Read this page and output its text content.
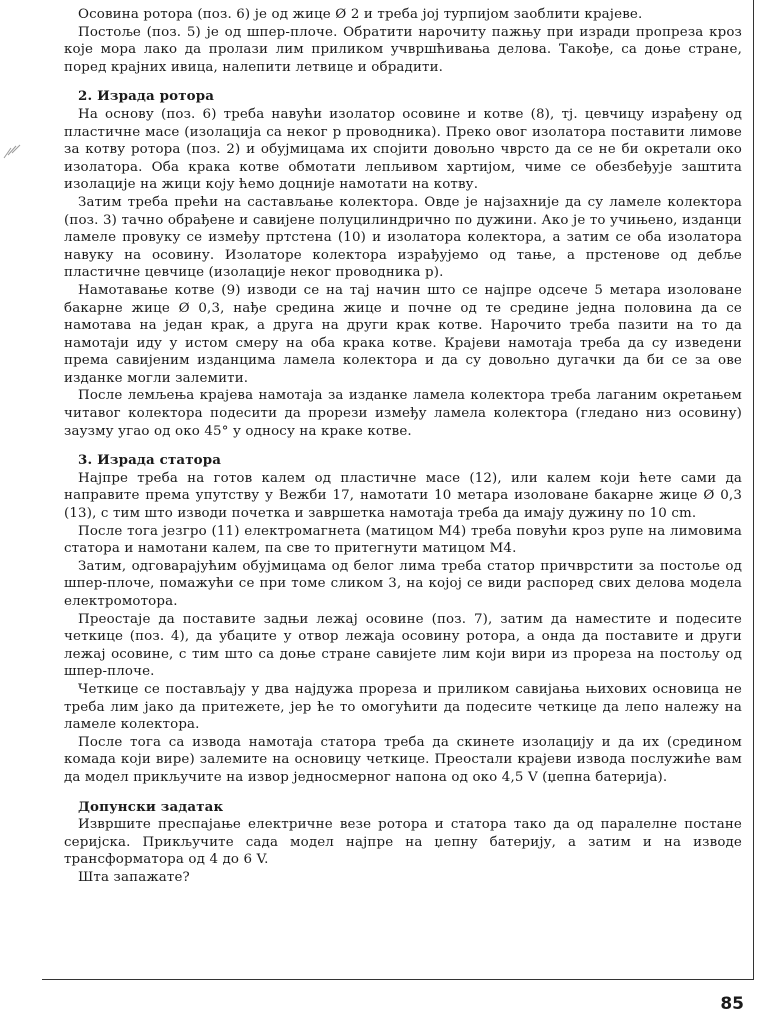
Осовина ротора (поз. 6) је од жице Ø 2 и треба јој турпијом заоблити крајеве.

Постоље (поз. 5) је од шпер-плоче. Обратити нарочиту пажњу при изради пропреза кроз које мора лако да пролази лим приликом учвршћивања делова. Такође, са доње стране, поред крајних ивица, налепити летвице и обрадити.

2. Израда ротора

На основу (поз. 6) треба навући изолатор осовине и котве (8), тј. цевчицу израђену од пластичне масе (изолација са неког р проводника). Преко овог изолатора поставити лимове за котву ротора (поз. 2) и обујмицама их спојити довољно чврсто да се не би окретали око изолатора. Оба крака котве обмотати лепљивом хартијом, чиме се обезбеђује заштита изолације на жици коју ћемо доцније намотати на котву.

Затим треба прећи на састављање колектора. Овде је најзахније да су ламеле колектора (поз. 3) тачно обрађене и савијене полуцилиндрично по дужини. Ако је то учињено, изданци ламеле провуку се између пртстена (10) и изолатора колектора, а затим се оба изолатора навуку на осовину. Изолаторе колектора израђујемо од тање, а прстенове од дебље пластичне цевчице (изолације неког проводника р).

Намотавање котве (9) изводи се на тај начин што се најпре одсече 5 метара изоловане бакарне жице Ø 0,3, нађе средина жице и почне од те средине једна половина да се намотава на један крак, а друга на други крак котве. Нарочито треба пазити на то да намотаји иду у истом смеру на оба крака котве. Крајеви намотаја треба да су изведени према савијеним изданцима ламела колектора и да су довољно дугачки да би се за ове изданке могли залемити.

После лемљења крајева намотаја за изданке ламела колектора треба лаганим окретањем читавог колектора подесити да прорези између ламела колектора (гледано низ осовину) заузму угао од око 45° у односу на краке котве.

3. Израда статора

Најпре треба на готов калем од пластичне масе (12), или калем који ћете сами да направите према упутству у Вежби 17, намотати 10 метара изоловане бакарне жице Ø 0,3 (13), с тим што изводи почетка и завршетка намотаја треба да имају дужину по 10 cm.

После тога језгро (11) електромагнета (матицом М4) треба повући кроз рупе на лимовима статора и намотани калем, па све то притегнути матицом М4.

Затим, одговарајућим обујмицама од белог лима треба статор причврстити за постоље од шпер-плоче, помажући се при томе сликом 3, на којој се види распоред свих делова модела електромотора.

Преостаје да поставите задњи лежај осовине (поз. 7), затим да наместите и подесите четкице (поз. 4), да убаците у отвор лежаја осовину ротора, а онда да поставите и други лежај осовине, с тим што са доње стране савијете лим који вири из прореза на постољу од шпер-плоче.

Четкице се постављају у два најдужа прореза и приликом савијања њихових основица не треба лим јако да притежете, јер ће то омогућити да подесите четкице да лепо належу на ламеле колектора.

После тога са извода намотаја статора треба да скинете изолацију и да их (средином комада који вире) залемите на основицу четкице. Преостали крајеви извода послужиће вам да модел прикључите на извор једносмерног напона од око 4,5 V (џепна батерија).

Допунски задатак

Извршите преспајање електричне везе ротора и статора тако да од паралелне постане серијска. Прикључите сада модел најпре на џепну батерију, а затим и на изводе трансформатора од 4 до 6 V.

Шта запажате?

85
